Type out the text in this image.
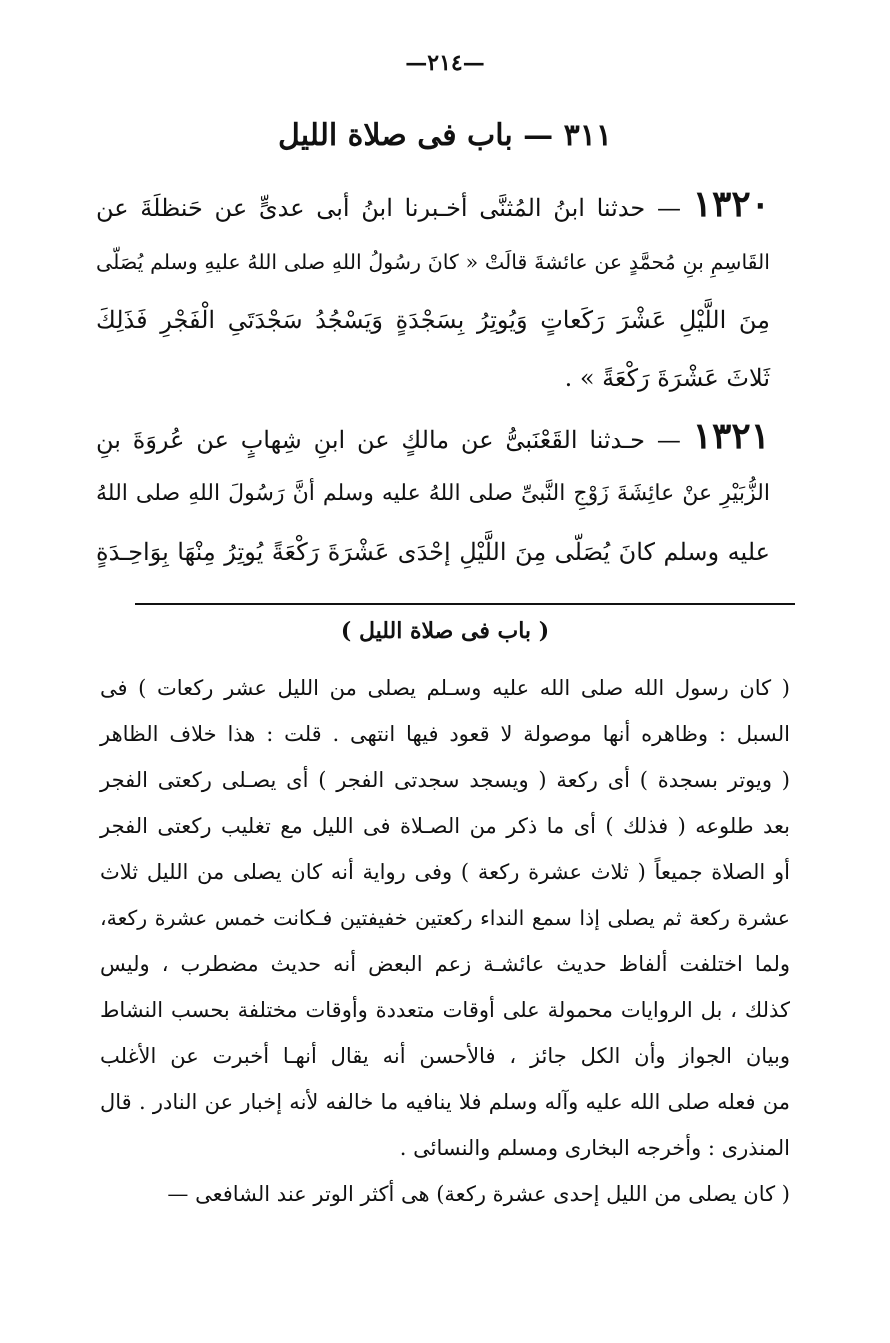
—٢١٤—
٣١١ — باب فى صلاة الليل
١٣٢٠ — حدثنا ابنُ المُثنَّى أخـبرنا ابنُ أبى عدىٍّ عن حَنظلَةَ عن
القَاسِمِ بنِ مُحمَّدٍ عن عائشةَ قالَتْ « كانَ رسُولُ اللهِ صلى اللهُ عليهِ وسلم يُصَلّى
مِنَ اللَّيْلِ عَشْرَ رَكَعاتٍ وَيُوتِرُ بِسَجْدَةٍ وَيَسْجُدُ سَجْدَتَىِ الْفَجْرِ فَذَلِكَ
ثَلاثَ عَشْرَةَ رَكْعَةً » .
١٣٢١ — حـدثنا القَعْنَبىُّ عن مالكٍ عن ابنِ شِهابٍ عن عُروَةَ بنِ
الزُّبَيْرِ عنْ عائِشَةَ زَوْجِ النَّبىِّ صلى اللهُ عليه وسلم أنَّ رَسُولَ اللهِ صلى اللهُ
عليه وسلم كانَ يُصَلّى مِنَ اللَّيْلِ إحْدَى عَشْرَةَ رَكْعَةً يُوتِرُ مِنْهَا بِوَاحِـدَةٍ
( باب فى صلاة الليل )
( كان رسول الله صلى الله عليه وسـلم يصلى من الليل عشر ركعات ) فى
السبل : وظاهره أنها موصولة لا قعود فيها انتهى . قلت : هذا خلاف الظاهر
( ويوتر بسجدة ) أى ركعة ( ويسجد سجدتى الفجر ) أى يصـلى ركعتى الفجر
بعد طلوعه ( فذلك ) أى ما ذكر من الصـلاة فى الليل مع تغليب ركعتى الفجر
أو الصلاة جميعاً ( ثلاث عشرة ركعة ) وفى رواية أنه كان يصلى من الليل ثلاث
عشرة ركعة ثم يصلى إذا سمع النداء ركعتين خفيفتين فـكانت خمس عشرة ركعة،
ولما اختلفت ألفاظ حديث عائشـة زعم البعض أنه حديث مضطرب ، وليس
كذلك ، بل الروايات محمولة على أوقات متعددة وأوقات مختلفة بحسب النشاط
وبيان الجواز وأن الكل جائز ، فالأحسن أنه يقال أنهـا أخبرت عن الأغلب
من فعله صلى الله عليه وآله وسلم فلا ينافيه ما خالفه لأنه إخبار عن النادر . قال
المنذرى : وأخرجه البخارى ومسلم والنسائى .
( كان يصلى من الليل إحدى عشرة ركعة) هى أكثر الوتر عند الشافعى —
